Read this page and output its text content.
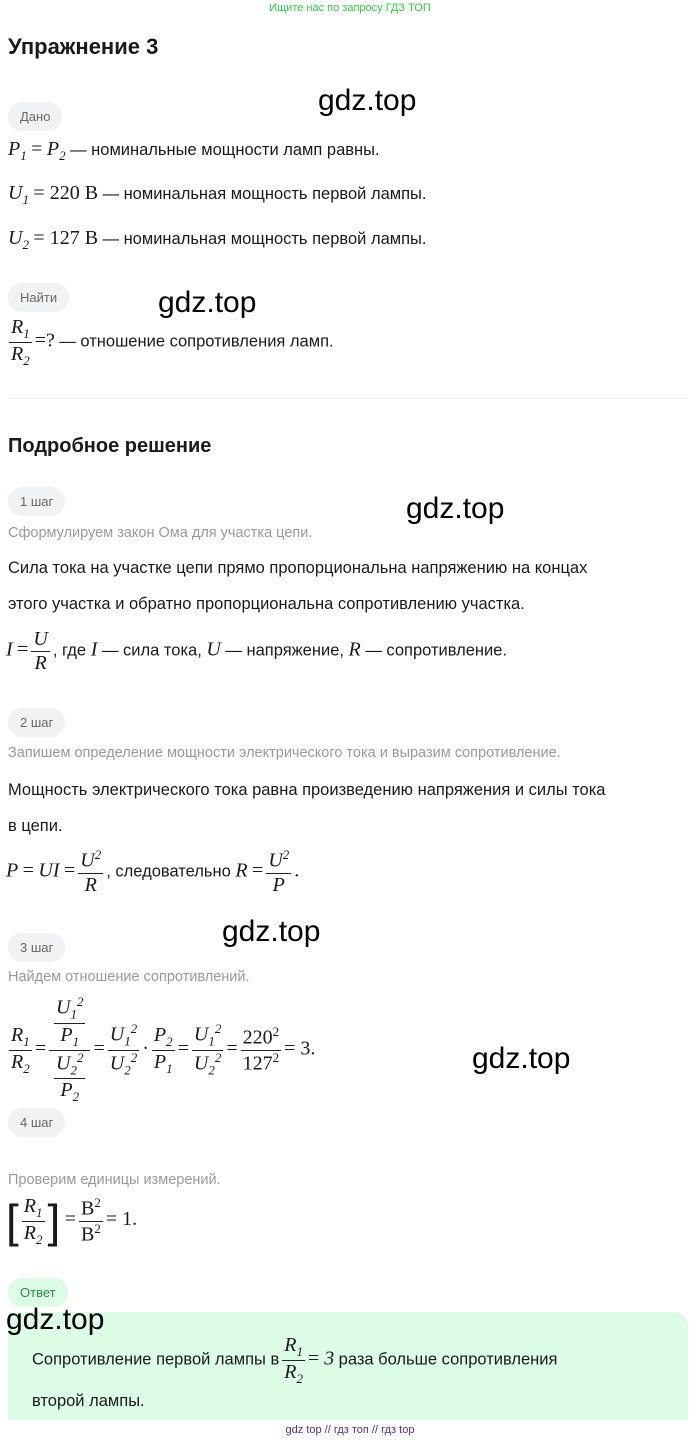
Ищите нас по запросу ГДЗ ТОП
Упражнение 3
gdz.top
Дано
$P_1 = P_2$ — номинальные мощности ламп равны.
$U_1 = 220$ В — номинальная мощность первой лампы.
$U_2 = 127$ В — номинальная мощность первой лампы.
Найти	gdz.top
$\frac{R_1}{R_2}$ =? — отношение сопротивления ламп.
Подробное решение
1 шаг	gdz.top
Сформулируем закон Ома для участка цепи.
Сила тока на участке цепи прямо пропорциональна напряжению на концах
этого участка и обратно пропорциональна сопротивлению участка.
$I = \frac{U}{R}$ , где I — сила тока, U — напряжение, R — сопротивление.
2 шаг
Запишем определение мощности электрического тока и выразим сопротивление.
Мощность электрического тока равна произведению напряжения и силы тока
в цепи.
P = UI = $\frac{U^2}{R}$ , следовательно $R = \frac{U^2}{P}$ .
3 шаг	gdz.top
Найдем отношение сопротивлений.
$\frac{R_1}{R_2} = \frac{\frac{U_1^2}{P_1}}{\frac{U_2^2}{P_2}} = \frac{U_1^2}{U_2^2} \cdot \frac{P_2}{P_1} = \frac{U_1^2}{U_2^2} = \frac{220^2}{127^2} = 3$.	gdz.top
4 шаг
Проверим единицы измерений.
[ $\frac{R_1}{R_2}$ ] = $\frac{В^2}{В^2} = 1$.
Ответ
gdz.top
Сопротивление первой лампы в $\frac{R_1}{R_2} = 3$ раза больше сопротивления
второй лампы.
gdz top // гдз топ // гдз top
